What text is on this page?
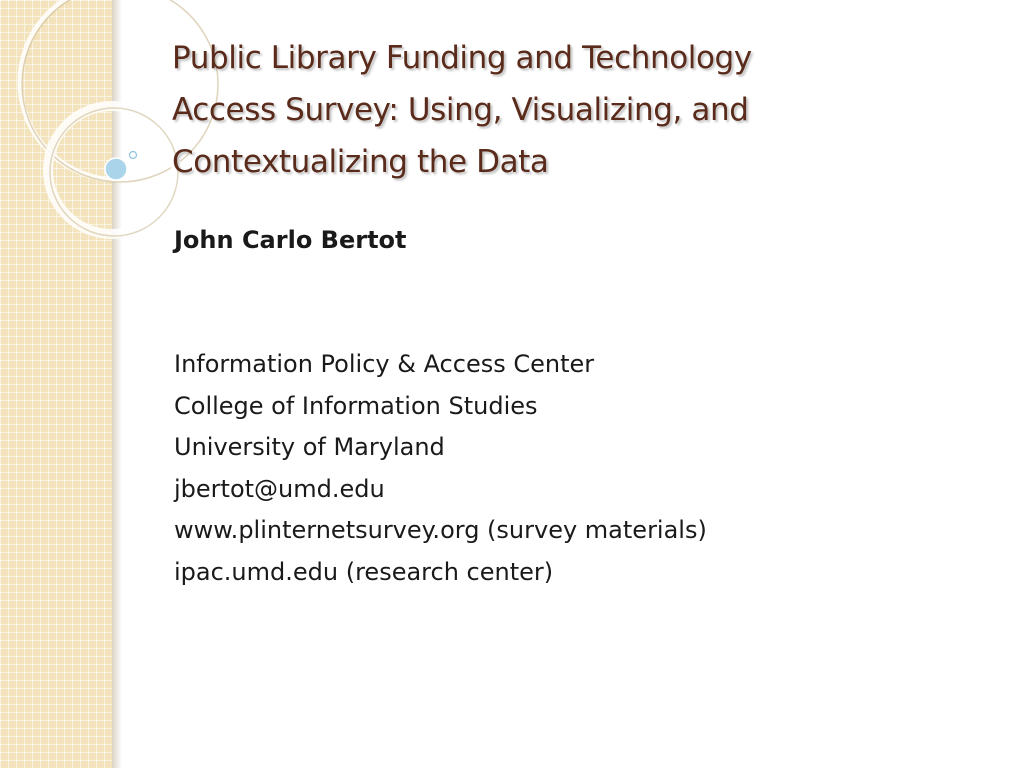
Public Library Funding and Technology
Access Survey: Using, Visualizing, and
Contextualizing the Data

John Carlo Bertot

Information Policy & Access Center
College of Information Studies
University of Maryland
jbertot@umd.edu
www.plinternetsurvey.org (survey materials)
ipac.umd.edu (research center)
